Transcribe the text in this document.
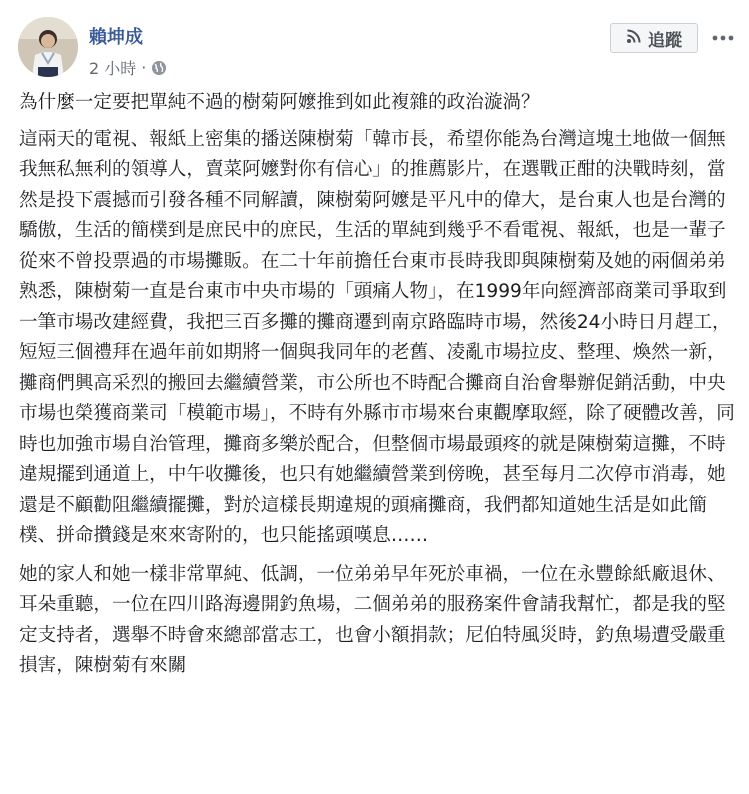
賴坤成
2 小時 ·
追蹤

為什麼一定要把單純不過的樹菊阿嬤推到如此複雜的政治漩渦？

這兩天的電視、報紙上密集的播送陳樹菊「韓市長，希望你能為台灣這塊土地做一個無我無私無利的領導人，賣菜阿嬤對你有信心」的推薦影片，在選戰正酣的決戰時刻，當然是投下震撼而引發各種不同解讀，陳樹菊阿嬤是平凡中的偉大，是台東人也是台灣的驕傲，生活的簡樸到是庶民中的庶民，生活的單純到幾乎不看電視、報紙，也是一輩子從來不曾投票過的市場攤販。在二十年前擔任台東市長時我即與陳樹菊及她的兩個弟弟熟悉，陳樹菊一直是台東市中央市場的「頭痛人物」，在1999年向經濟部商業司爭取到一筆市場改建經費，我把三百多攤的攤商遷到南京路臨時市場，然後24小時日月趕工，短短三個禮拜在過年前如期將一個與我同年的老舊、凌亂市場拉皮、整理、煥然一新，攤商們興高采烈的搬回去繼續營業，市公所也不時配合攤商自治會舉辦促銷活動，中央市場也榮獲商業司「模範市場」，不時有外縣市市場來台東觀摩取經，除了硬體改善，同時也加強市場自治管理，攤商多樂於配合，但整個市場最頭疼的就是陳樹菊這攤，不時違規擺到通道上，中午收攤後，也只有她繼續營業到傍晚，甚至每月二次停市消毒，她還是不顧勸阻繼續擺攤，對於這樣長期違規的頭痛攤商，我們都知道她生活是如此簡樸、拼命攢錢是來來寄附的，也只能搖頭嘆息……

她的家人和她一樣非常單純、低調，一位弟弟早年死於車禍，一位在永豐餘紙廠退休、耳朵重聽，一位在四川路海邊開釣魚場，二個弟弟的服務案件會請我幫忙，都是我的堅定支持者，選舉不時會來總部當志工，也會小額捐款；尼伯特風災時，釣魚場遭受嚴重損害，陳樹菊有來關
